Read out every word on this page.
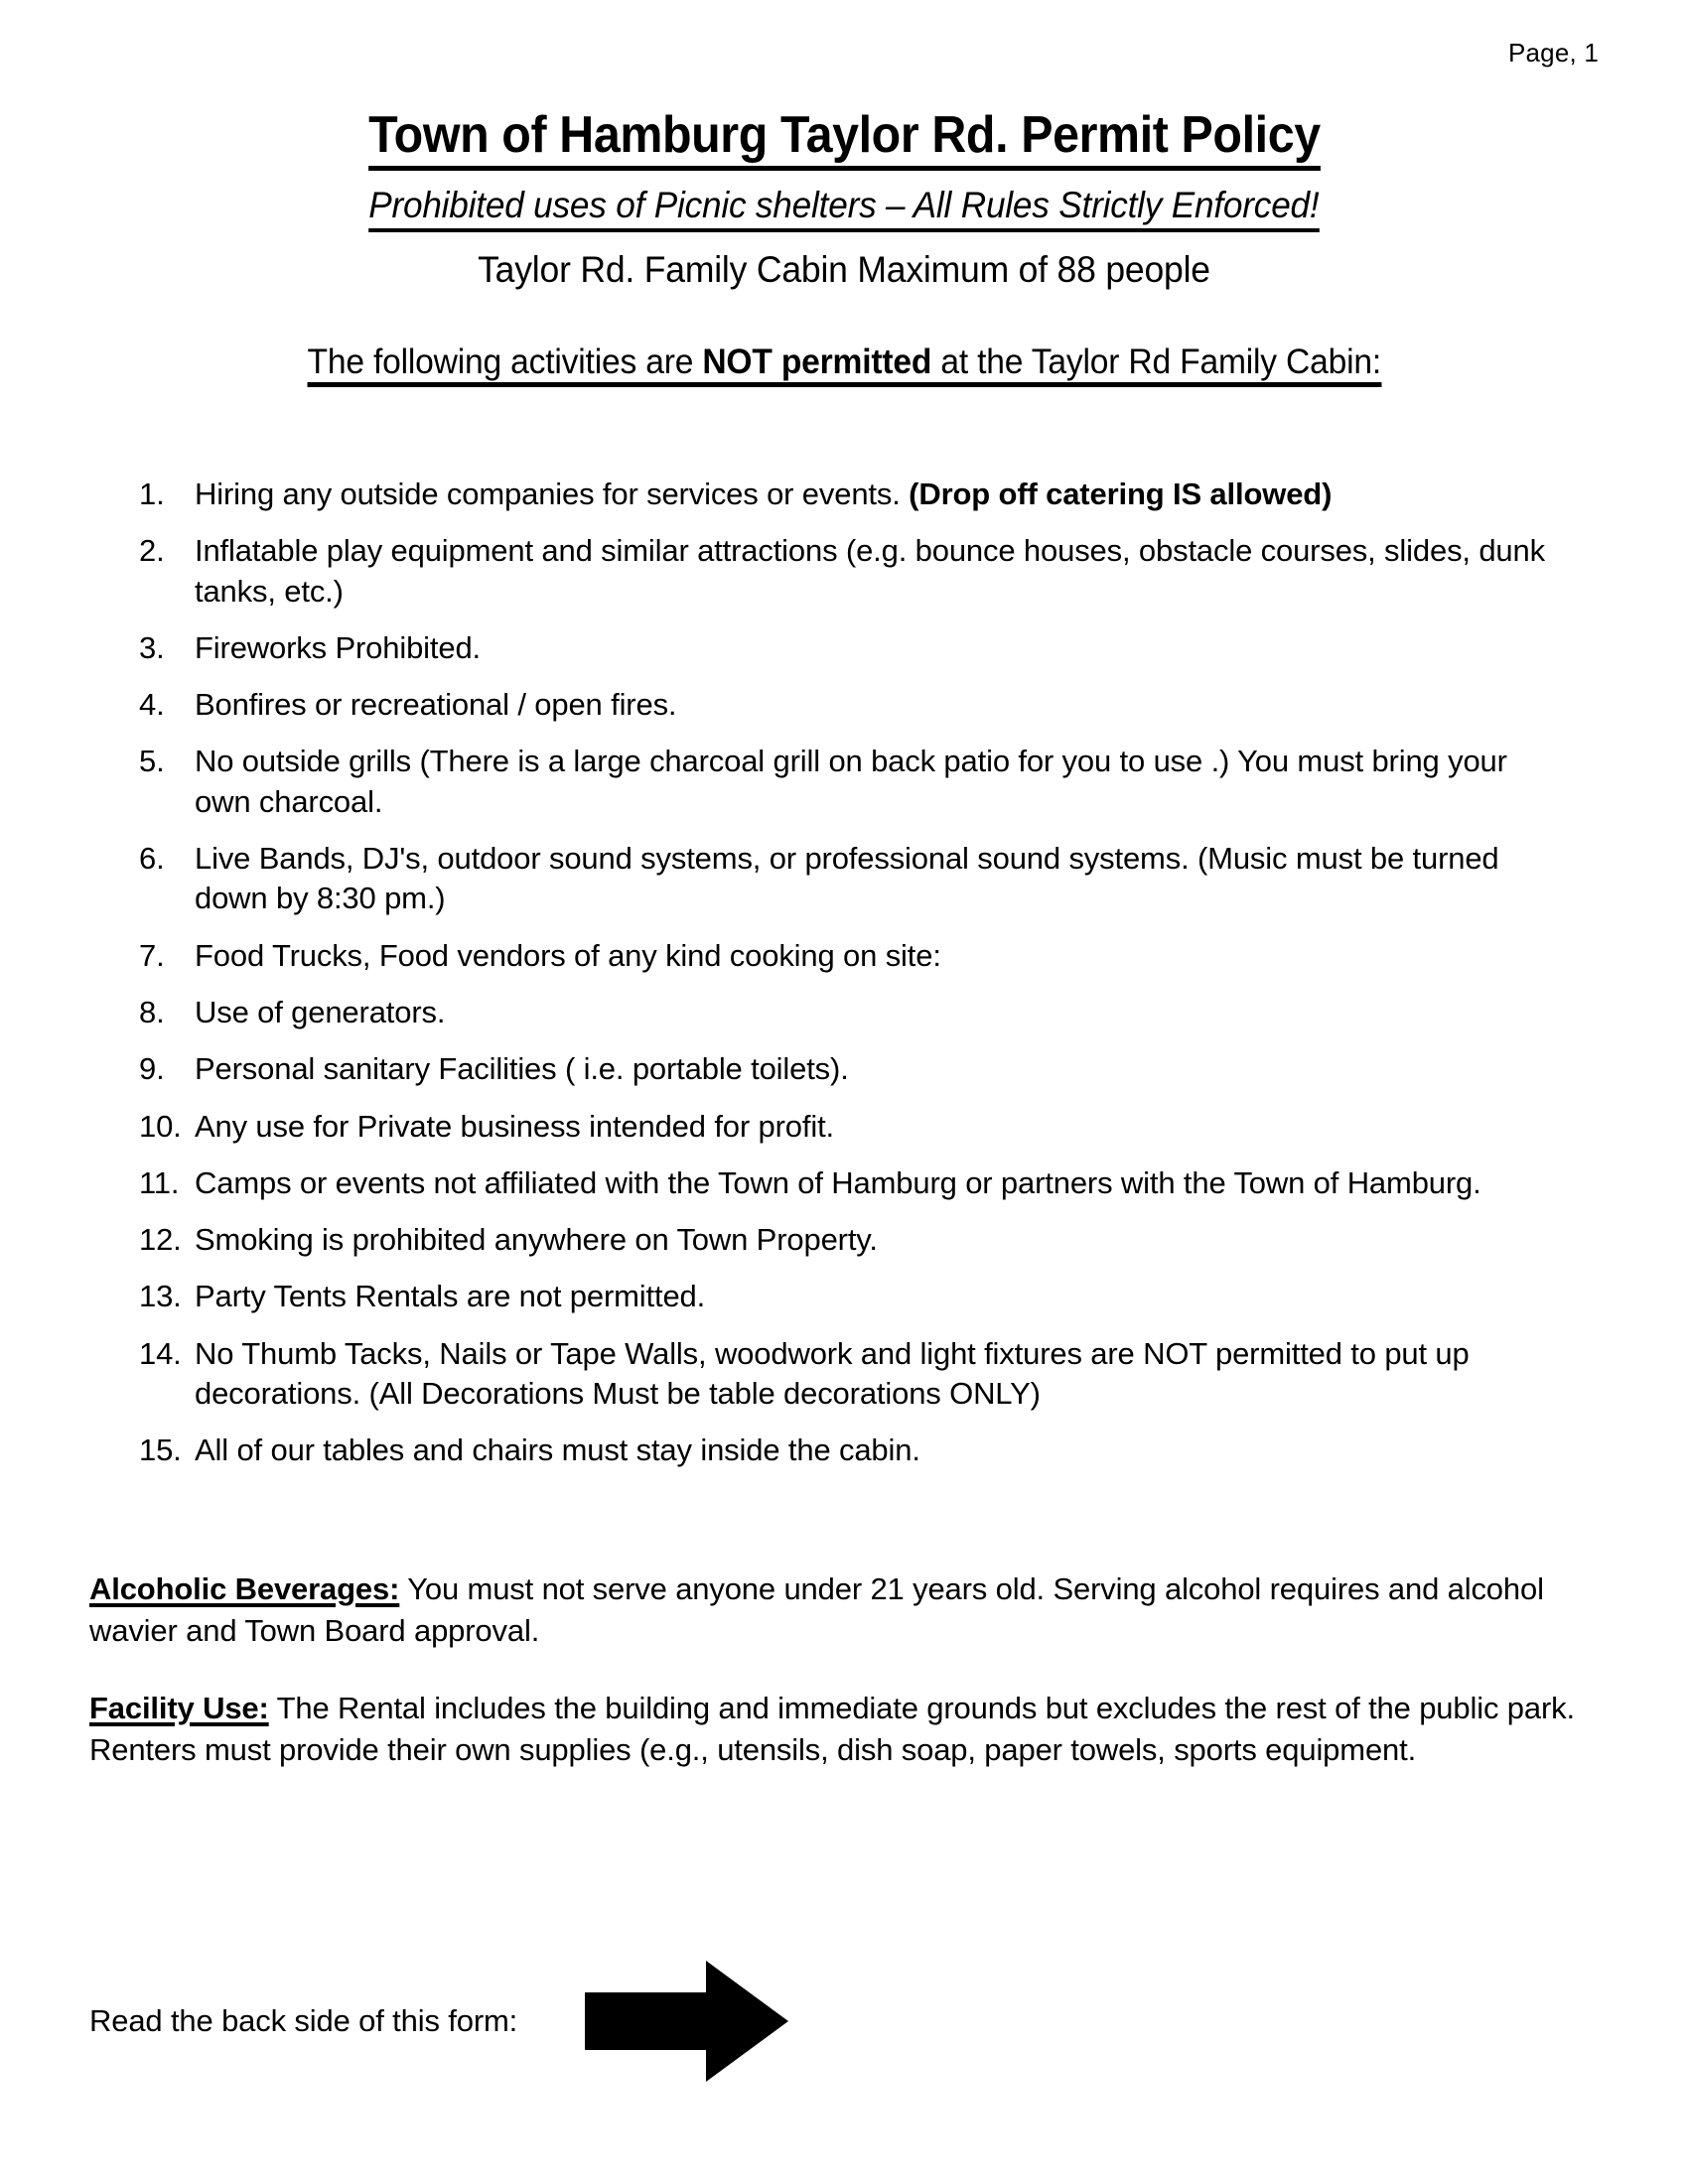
Page, 1
Town of Hamburg Taylor Rd. Permit Policy
Prohibited uses of Picnic shelters – All Rules Strictly Enforced!
Taylor Rd. Family Cabin Maximum of 88 people
The following activities are NOT permitted at the Taylor Rd Family Cabin:
1. Hiring any outside companies for services or events. (Drop off catering IS allowed)
2. Inflatable play equipment and similar attractions (e.g. bounce houses, obstacle courses, slides, dunk tanks, etc.)
3. Fireworks Prohibited.
4. Bonfires or recreational / open fires.
5. No outside grills (There is a large charcoal grill on back patio for you to use .) You must bring your own charcoal.
6. Live Bands, DJ's, outdoor sound systems, or professional sound systems. (Music must be turned down by 8:30 pm.)
7. Food Trucks, Food vendors of any kind cooking on site:
8. Use of generators.
9. Personal sanitary Facilities ( i.e. portable toilets).
10. Any use for Private business intended for profit.
11. Camps or events not affiliated with the Town of Hamburg or partners with the Town of Hamburg.
12. Smoking is prohibited anywhere on Town Property.
13. Party Tents Rentals are not permitted.
14. No Thumb Tacks, Nails or Tape Walls, woodwork and light fixtures are NOT permitted to put up decorations. (All Decorations Must be table decorations ONLY)
15. All of our tables and chairs must stay inside the cabin.
Alcoholic Beverages: You must not serve anyone under 21 years old. Serving alcohol requires and alcohol wavier and Town Board approval.
Facility Use: The Rental includes the building and immediate grounds but excludes the rest of the public park. Renters must provide their own supplies (e.g., utensils, dish soap, paper towels, sports equipment.
Read the back side of this form:
